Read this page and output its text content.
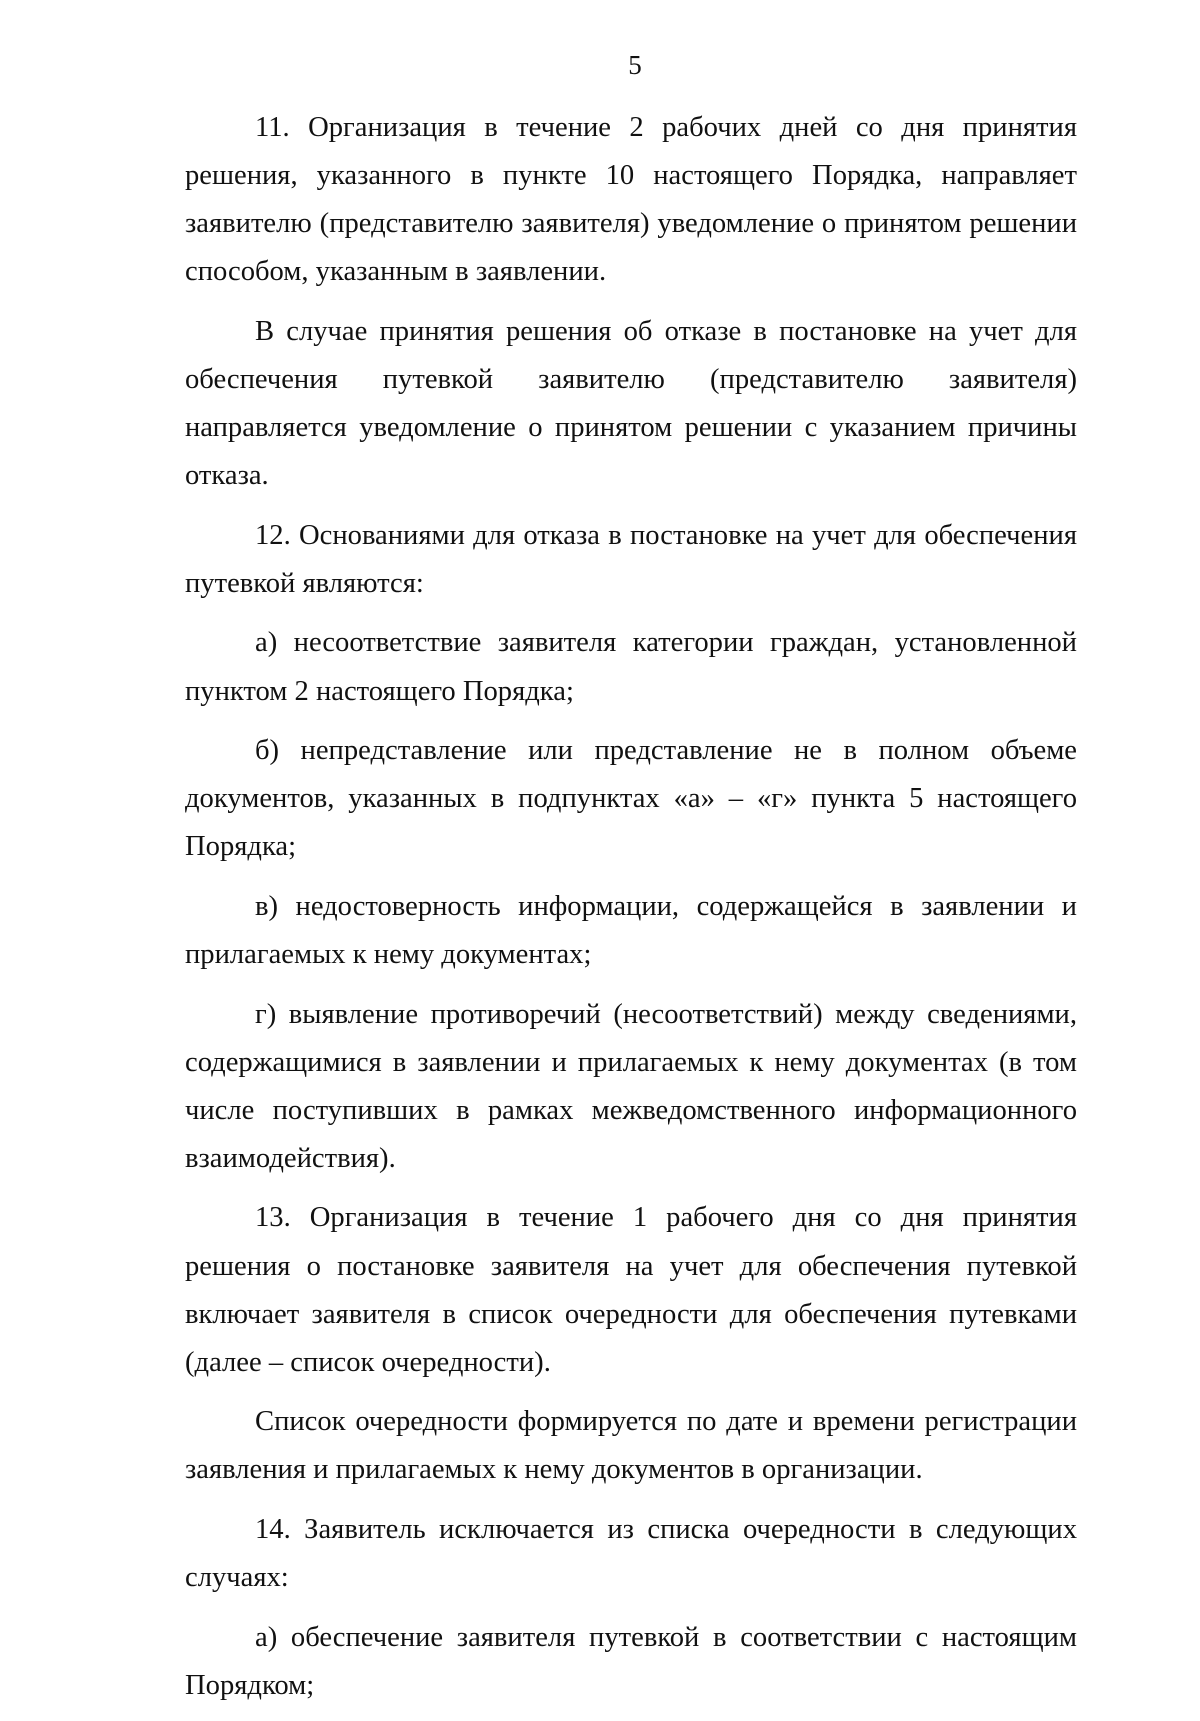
5

11. Организация в течение 2 рабочих дней со дня принятия решения, указанного в пункте 10 настоящего Порядка, направляет заявителю (представителю заявителя) уведомление о принятом решении способом, указанным в заявлении.

В случае принятия решения об отказе в постановке на учет для обеспечения путевкой заявителю (представителю заявителя) направляется уведомление о принятом решении с указанием причины отказа.

12. Основаниями для отказа в постановке на учет для обеспечения путевкой являются:

а) несоответствие заявителя категории граждан, установленной пунктом 2 настоящего Порядка;

б) непредставление или представление не в полном объеме документов, указанных в подпунктах «а» – «г» пункта 5 настоящего Порядка;

в) недостоверность информации, содержащейся в заявлении и прилагаемых к нему документах;

г) выявление противоречий (несоответствий) между сведениями, содержащимися в заявлении и прилагаемых к нему документах (в том числе поступивших в рамках межведомственного информационного взаимодействия).

13. Организация в течение 1 рабочего дня со дня принятия решения о постановке заявителя на учет для обеспечения путевкой включает заявителя в список очередности для обеспечения путевками (далее – список очередности).

Список очередности формируется по дате и времени регистрации заявления и прилагаемых к нему документов в организации.

14. Заявитель исключается из списка очередности в следующих случаях:

а) обеспечение заявителя путевкой в соответствии с настоящим Порядком;
